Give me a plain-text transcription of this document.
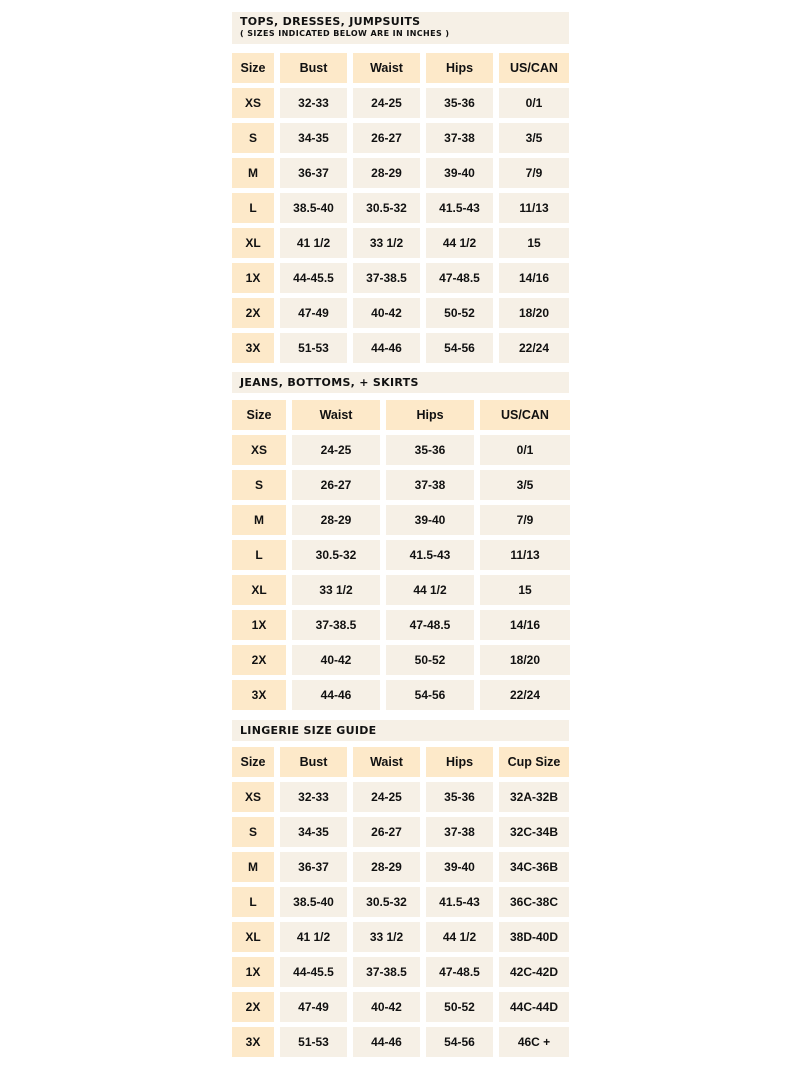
TOPS, DRESSES, JUMPSUITS
( SIZES INDICATED BELOW ARE IN INCHES )
Size	Bust	Waist	Hips	US/CAN
XS	32-33	24-25	35-36	0/1
S	34-35	26-27	37-38	3/5
M	36-37	28-29	39-40	7/9
L	38.5-40	30.5-32	41.5-43	11/13
XL	41 1/2	33 1/2	44 1/2	15
1X	44-45.5	37-38.5	47-48.5	14/16
2X	47-49	40-42	50-52	18/20
3X	51-53	44-46	54-56	22/24
JEANS, BOTTOMS, + SKIRTS
Size	Waist	Hips	US/CAN
XS	24-25	35-36	0/1
S	26-27	37-38	3/5
M	28-29	39-40	7/9
L	30.5-32	41.5-43	11/13
XL	33 1/2	44 1/2	15
1X	37-38.5	47-48.5	14/16
2X	40-42	50-52	18/20
3X	44-46	54-56	22/24
LINGERIE SIZE GUIDE
Size	Bust	Waist	Hips	Cup Size
XS	32-33	24-25	35-36	32A-32B
S	34-35	26-27	37-38	32C-34B
M	36-37	28-29	39-40	34C-36B
L	38.5-40	30.5-32	41.5-43	36C-38C
XL	41 1/2	33 1/2	44 1/2	38D-40D
1X	44-45.5	37-38.5	47-48.5	42C-42D
2X	47-49	40-42	50-52	44C-44D
3X	51-53	44-46	54-56	46C +
